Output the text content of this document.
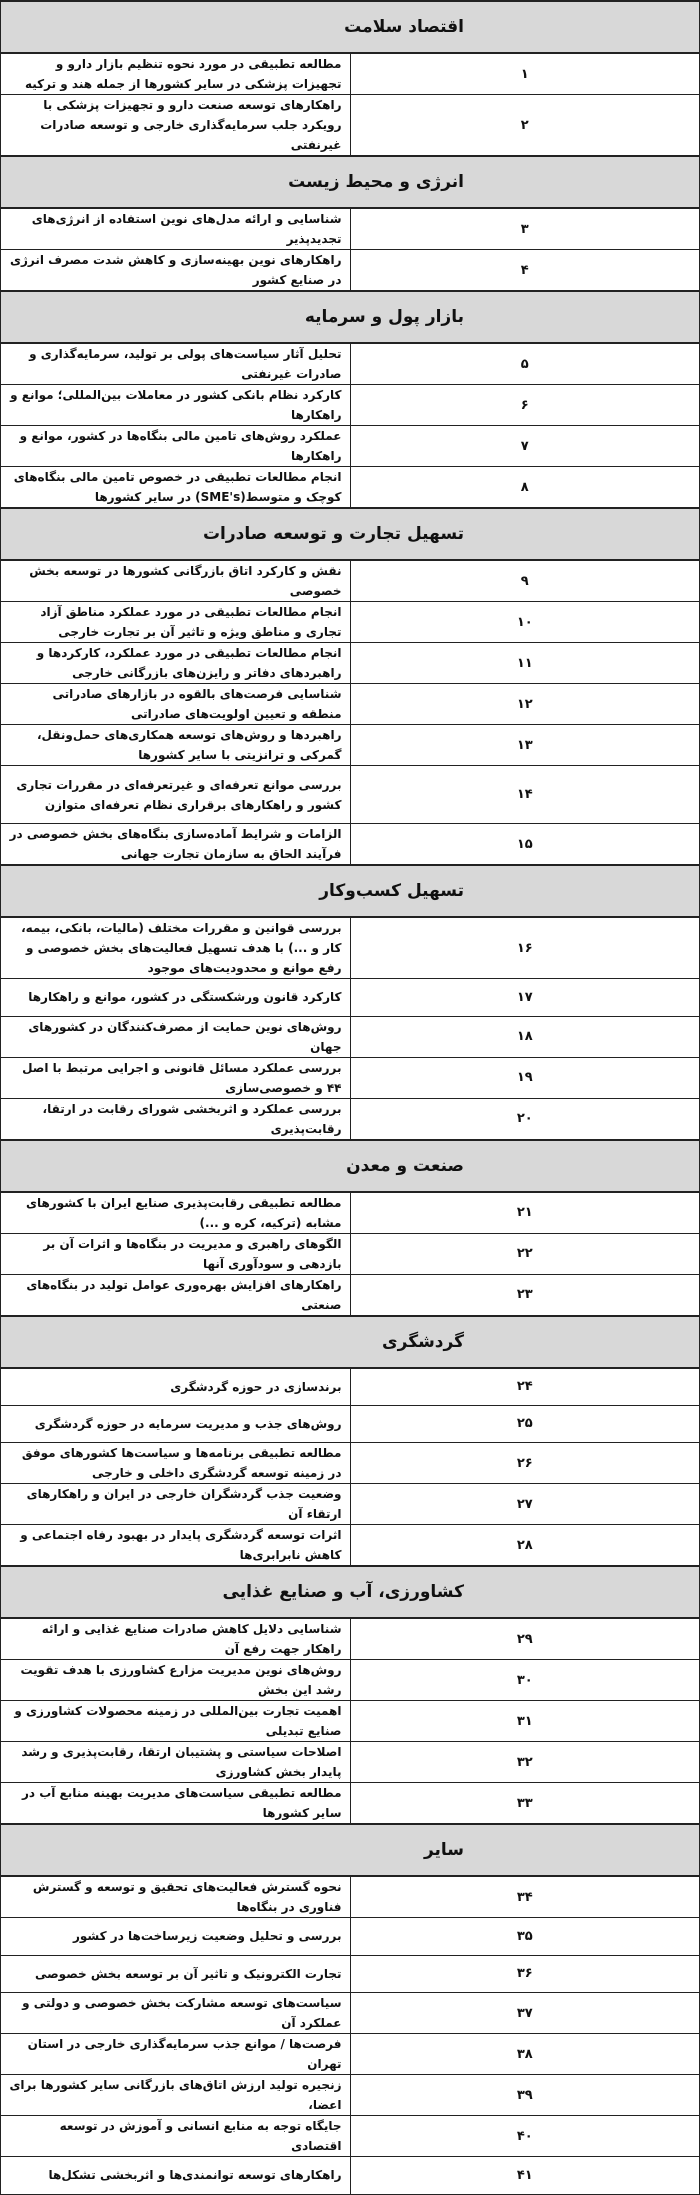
اقتصاد سلامت	
۱	مطالعه تطبیقی در مورد نحوه تنظیم بازار دارو و تجهیزات پزشکی در سایر کشورها از جمله هند و ترکیه
۲	راهکارهای توسعه صنعت دارو و تجهیزات پزشکی با رویکرد جلب سرمایه‌گذاری خارجی و توسعه صادرات غیرنفتی
انرژی و محیط زیست	
۳	شناسایی و ارائه مدل‌های نوین استفاده از انرژی‌های تجدیدپذیر
۴	راهکارهای نوین بهینه‌سازی و کاهش شدت مصرف انرژی در صنایع کشور
بازار پول و سرمایه	
۵	تحلیل آثار سیاست‌های پولی بر تولید، سرمایه‌گذاری و صادرات غیرنفتی
۶	کارکرد نظام بانکی کشور در معاملات بین‌المللی؛ موانع و راهکارها
۷	عملکرد روش‌های تامین مالی بنگاه‌ها در کشور، موانع و راهکارها
۸	انجام مطالعات تطبیقی در خصوص تامین مالی بنگاه‌های کوچک و متوسط(SME's) در سایر کشورها
تسهیل تجارت و توسعه صادرات	
۹	نقش و کارکرد اتاق بازرگانی کشورها در توسعه بخش خصوصی
۱۰	انجام مطالعات تطبیقی در مورد عملکرد مناطق آزاد تجاری و مناطق ویژه و تاثیر آن بر تجارت خارجی
۱۱	انجام مطالعات تطبیقی در مورد عملکرد، کارکردها و راهبردهای دفاتر و رایزن‌های بازرگانی خارجی
۱۲	شناسایی فرصت‌های بالقوه در بازارهای صادراتی منطقه و تعیین اولویت‌های صادراتی
۱۳	راهبردها و روش‌های توسعه همکاری‌های حمل‌ونقل، گمرکی و ترانزیتی با سایر کشورها
۱۴	بررسی موانع تعرفه‌ای و غیرتعرفه‌ای در مقررات تجاری کشور و راهکارهای برقراری نظام تعرفه‌ای متوازن
۱۵	الزامات و شرایط آماده‌سازی بنگاه‌های بخش خصوصی در فرآیند الحاق به سازمان تجارت جهانی
تسهیل کسب‌وکار	
۱۶	بررسی قوانین و مقررات مختلف (مالیات، بانکی، بیمه، کار و ...) با هدف تسهیل فعالیت‌های بخش خصوصی و رفع موانع و محدودیت‌های موجود
۱۷	کارکرد قانون ورشکستگی در کشور، موانع و راهکارها
۱۸	روش‌های نوین حمایت از مصرف‌کنندگان در کشورهای جهان
۱۹	بررسی عملکرد مسائل قانونی و اجرایی مرتبط با اصل ۴۴ و خصوصی‌سازی
۲۰	بررسی عملکرد و اثربخشی شورای رقابت در ارتقا، رقابت‌پذیری
صنعت و معدن	
۲۱	مطالعه تطبیقی رقابت‌پذیری صنایع ایران با کشورهای مشابه (ترکیه، کره و ...)
۲۲	الگوهای راهبری و مدیریت در بنگاه‌ها و اثرات آن بر بازدهی و سودآوری آنها
۲۳	راهکارهای افزایش بهره‌وری عوامل تولید در بنگاه‌های صنعتی
گردشگری	
۲۴	برندسازی در حوزه گردشگری
۲۵	روش‌های جذب و مدیریت سرمایه در حوزه گردشگری
۲۶	مطالعه تطبیقی برنامه‌ها و سیاست‌ها کشورهای موفق در زمینه توسعه گردشگری داخلی و خارجی
۲۷	وضعیت جذب گردشگران خارجی در ایران و راهکارهای ارتقاء آن
۲۸	اثرات توسعه گردشگری پایدار در بهبود رفاه اجتماعی و کاهش نابرابری‌ها
کشاورزی، آب و صنایع غذایی	
۲۹	شناسایی دلایل کاهش صادرات صنایع غذایی و ارائه راهکار جهت رفع آن
۳۰	روش‌های نوین مدیریت مزارع کشاورزی با هدف تقویت رشد این بخش
۳۱	اهمیت تجارت بین‌المللی در زمینه محصولات کشاورزی و صنایع تبدیلی
۳۲	اصلاحات سیاستی و پشتیبان ارتقا، رقابت‌پذیری و رشد پایدار بخش کشاورزی
۳۳	مطالعه تطبیقی سیاست‌های مدیریت بهینه منابع آب در سایر کشورها
سایر	
۳۴	نحوه گسترش فعالیت‌های تحقیق و توسعه و گسترش فناوری در بنگاه‌ها
۳۵	بررسی و تحلیل وضعیت زیرساخت‌ها در کشور
۳۶	تجارت الکترونیک و تاثیر آن بر توسعه بخش خصوصی
۳۷	سیاست‌های توسعه مشارکت بخش خصوصی و دولتی و عملکرد آن
۳۸	فرصت‌ها / موانع جذب سرمایه‌گذاری خارجی در استان تهران
۳۹	زنجیره تولید ارزش اتاق‌های بازرگانی سایر کشورها برای اعضا،
۴۰	جایگاه توجه به منابع انسانی و آموزش در توسعه اقتصادی
۴۱	راهکارهای توسعه توانمندی‌ها و اثربخشی تشکل‌ها
